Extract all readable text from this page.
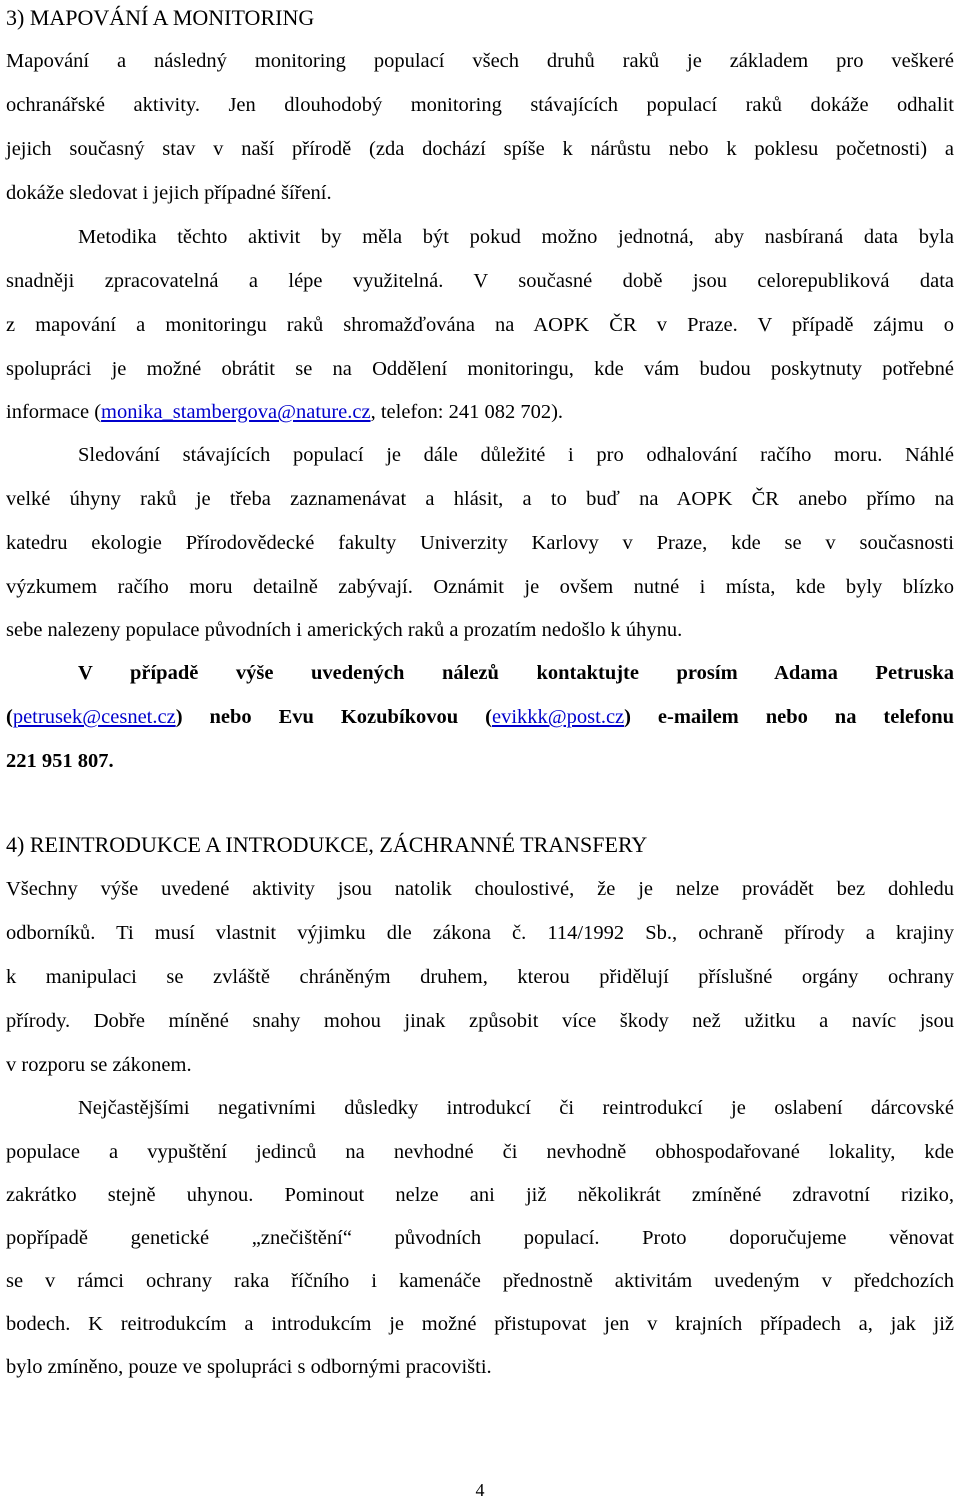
3) MAPOVÁNÍ A MONITORING

Mapování a následný monitoring populací všech druhů raků je základem pro veškeré

ochranářské aktivity. Jen dlouhodobý monitoring stávajících populací raků dokáže odhalit

jejich současný stav v naší přírodě (zda dochází spíše k nárůstu nebo k poklesu početnosti) a

dokáže sledovat i jejich případné šíření.

Metodika těchto aktivit by měla být pokud možno jednotná, aby nasbíraná data byla

snadněji zpracovatelná a lépe využitelná. V současné době jsou celorepubliková data

z mapování a monitoringu raků shromažďována na AOPK ČR v Praze. V případě zájmu o

spolupráci je možné obrátit se na Oddělení monitoringu, kde vám budou poskytnuty potřebné

informace (monika_stambergova@nature.cz, telefon: 241 082 702).

Sledování stávajících populací je dále důležité i pro odhalování račího moru. Náhlé

velké úhyny raků je třeba zaznamenávat a hlásit, a to buď na AOPK ČR anebo přímo na

katedru ekologie Přírodovědecké fakulty Univerzity Karlovy v Praze, kde se v současnosti

výzkumem račího moru detailně zabývají. Oznámit je ovšem nutné i místa, kde byly blízko

sebe nalezeny populace původních i amerických raků a prozatím nedošlo k úhynu.

V případě výše uvedených nálezů kontaktujte prosím Adama Petruska

(petrusek@cesnet.cz) nebo Evu Kozubíkovou (evikkk@post.cz) e-mailem nebo na telefonu

221 951 807.

4) REINTRODUKCE A INTRODUKCE, ZÁCHRANNÉ TRANSFERY

Všechny výše uvedené aktivity jsou natolik choulostivé, že je nelze provádět bez dohledu

odborníků. Ti musí vlastnit výjimku dle zákona č. 114/1992 Sb., ochraně přírody a krajiny

k manipulaci se zvláště chráněným druhem, kterou přidělují příslušné orgány ochrany

přírody. Dobře míněné snahy mohou jinak způsobit více škody než užitku a navíc jsou

v rozporu se zákonem.

Nejčastějšími negativními důsledky introdukcí či reintrodukcí je oslabení dárcovské

populace a vypuštění jedinců na nevhodné či nevhodně obhospodařované lokality, kde

zakrátko stejně uhynou. Pominout nelze ani již několikrát zmíněné zdravotní riziko,

popřípadě genetické „znečištění“ původních populací. Proto doporučujeme věnovat

se v rámci ochrany raka říčního i kamenáče přednostně aktivitám uvedeným v předchozích

bodech. K reitrodukcím a introdukcím je možné přistupovat jen v krajních případech a, jak již

bylo zmíněno, pouze ve spolupráci s odbornými pracovišti.

4
